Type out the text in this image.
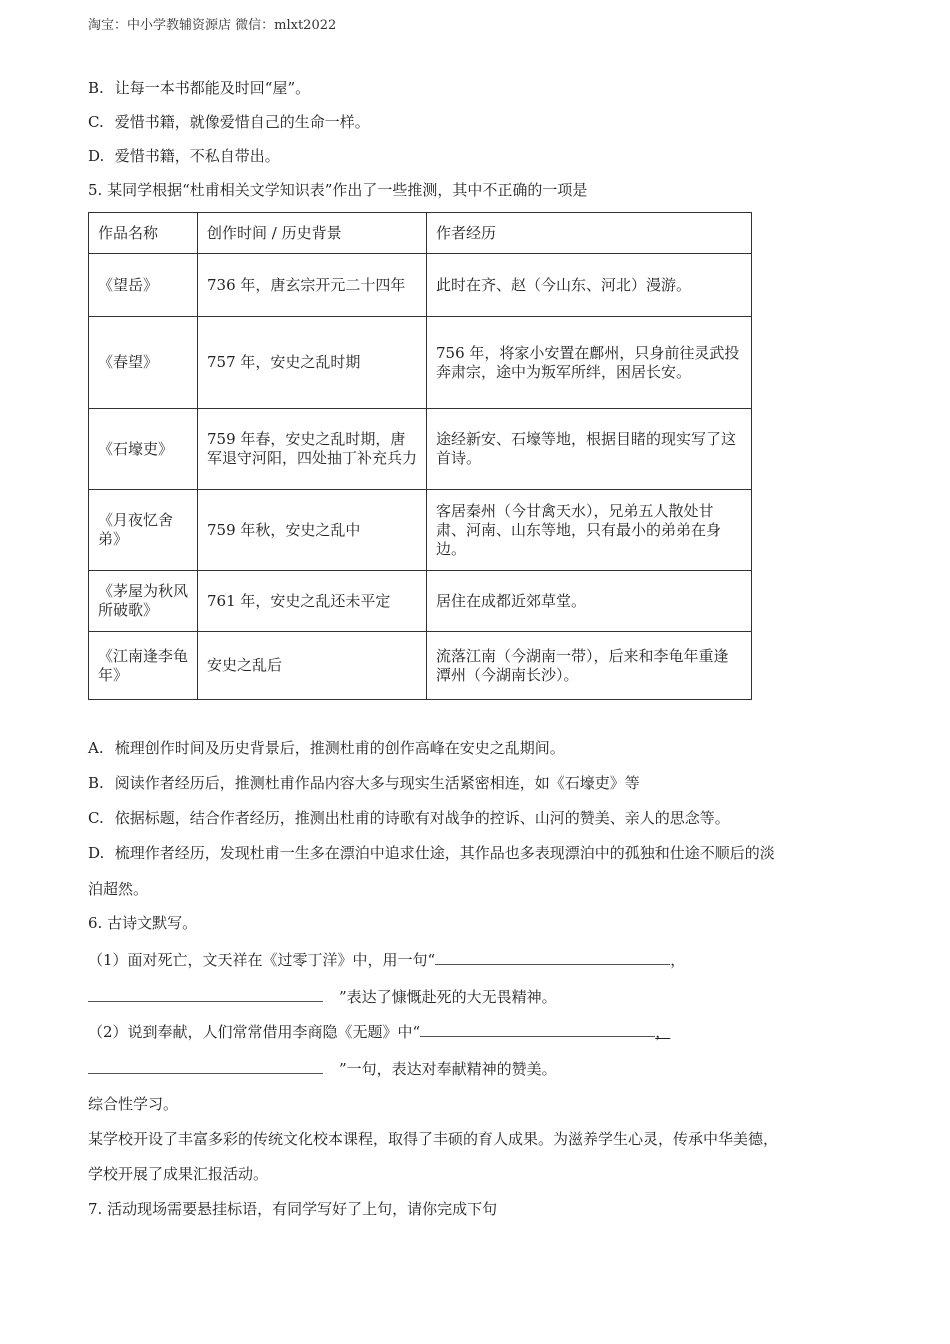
淘宝：中小学教辅资源店 微信：mlxt2022
B. 让每一本书都能及时回“屋”。
C. 爱惜书籍，就像爱惜自己的生命一样。
D. 爱惜书籍，不私自带出。
5. 某同学根据“杜甫相关文学知识表”作出了一些推测，其中不正确的一项是
作品名称	创作时间 / 历史背景	作者经历
《望岳》	736 年，唐玄宗开元二十四年	此时在齐、赵（今山东、河北）漫游。
《春望》	757 年，安史之乱时期	756 年，将家小安置在鄜州，只身前往灵武投奔肃宗，途中为叛军所绊，困居长安。
《石壕吏》	759 年春，安史之乱时期，唐军退守河阳，四处抽丁补充兵力	途经新安、石壕等地，根据目睹的现实写了这首诗。
《月夜忆舍弟》	759 年秋，安史之乱中	客居秦州（今甘禽天水），兄弟五人散处甘肃、河南、山东等地，只有最小的弟弟在身边。
《茅屋为秋风所破歌》	761 年，安史之乱还未平定	居住在成都近郊草堂。
《江南逢李龟年》	安史之乱后	流落江南（今湖南一带），后来和李龟年重逢　潭州（今湖南长沙）。
A. 梳理创作时间及历史背景后，推测杜甫的创作高峰在安史之乱期间。
B. 阅读作者经历后，推测杜甫作品内容大多与现实生活紧密相连，如《石壕吏》等
C. 依据标题，结合作者经历，推测出杜甫的诗歌有对战争的控诉、山河的赞美、亲人的思念等。
D. 梳理作者经历，发现杜甫一生多在漂泊中追求仕途，其作品也多表现漂泊中的孤独和仕途不顺后的淡
泊超然。
6. 古诗文默写。
（1）面对死亡，文天祥在《过零丁洋》中，用一句“	，
”表达了慷慨赴死的大无畏精神。
（2）说到奉献，人们常常借用李商隐《无题》中“	，
”一句，表达对奉献精神的赞美。
综合性学习。
某学校开设了丰富多彩的传统文化校本课程，取得了丰硕的育人成果。为滋养学生心灵，传承中华美德，
学校开展了成果汇报活动。
7. 活动现场需要悬挂标语，有同学写好了上句，请你完成下句
